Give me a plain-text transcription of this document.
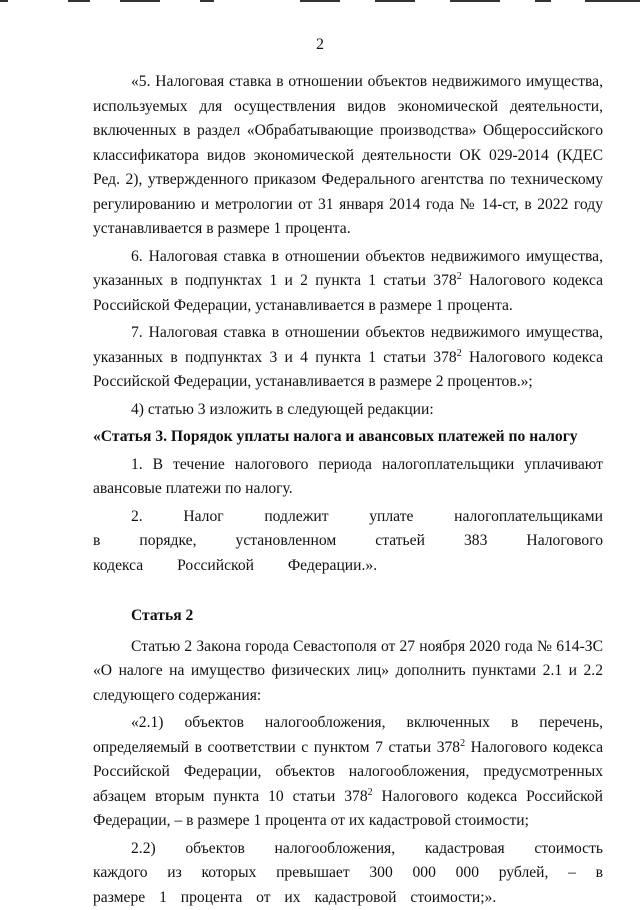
2

«5. Налоговая ставка в отношении объектов недвижимого имущества, используемых для осуществления видов экономической деятельности, включенных в раздел «Обрабатывающие производства» Общероссийского классификатора видов экономической деятельности ОК 029-2014 (КДЕС Ред. 2), утвержденного приказом Федерального агентства по техническому регулированию и метрологии от 31 января 2014 года № 14-ст, в 2022 году устанавливается в размере 1 процента.

6. Налоговая ставка в отношении объектов недвижимого имущества, указанных в подпунктах 1 и 2 пункта 1 статьи $378^2$ Налогового кодекса Российской Федерации, устанавливается в размере 1 процента.

7. Налоговая ставка в отношении объектов недвижимого имущества, указанных в подпунктах 3 и 4 пункта 1 статьи $378^2$ Налогового кодекса Российской Федерации, устанавливается в размере 2 процентов.»;

4) статью 3 изложить в следующей редакции:

«Статья 3. Порядок уплаты налога и авансовых платежей по налогу

1. В течение налогового периода налогоплательщики уплачивают авансовые платежи по налогу.

2. Налог подлежит уплате налогоплательщиками в порядке, установленном статьей 383 Налогового кодекса Российской Федерации.».

Статья 2

Статью 2 Закона города Севастополя от 27 ноября 2020 года № 614-ЗС «О налоге на имущество физических лиц» дополнить пунктами 2.1 и 2.2 следующего содержания:

«2.1) объектов налогообложения, включенных в перечень, определяемый в соответствии с пунктом 7 статьи $378^2$ Налогового кодекса Российской Федерации, объектов налогообложения, предусмотренных абзацем вторым пункта 10 статьи $378^2$ Налогового кодекса Российской Федерации, – в размере 1 процента от их кадастровой стоимости;

2.2) объектов налогообложения, кадастровая стоимость каждого из которых превышает 300 000 000 рублей, – в размере 1 процента от их кадастровой стоимости;».
